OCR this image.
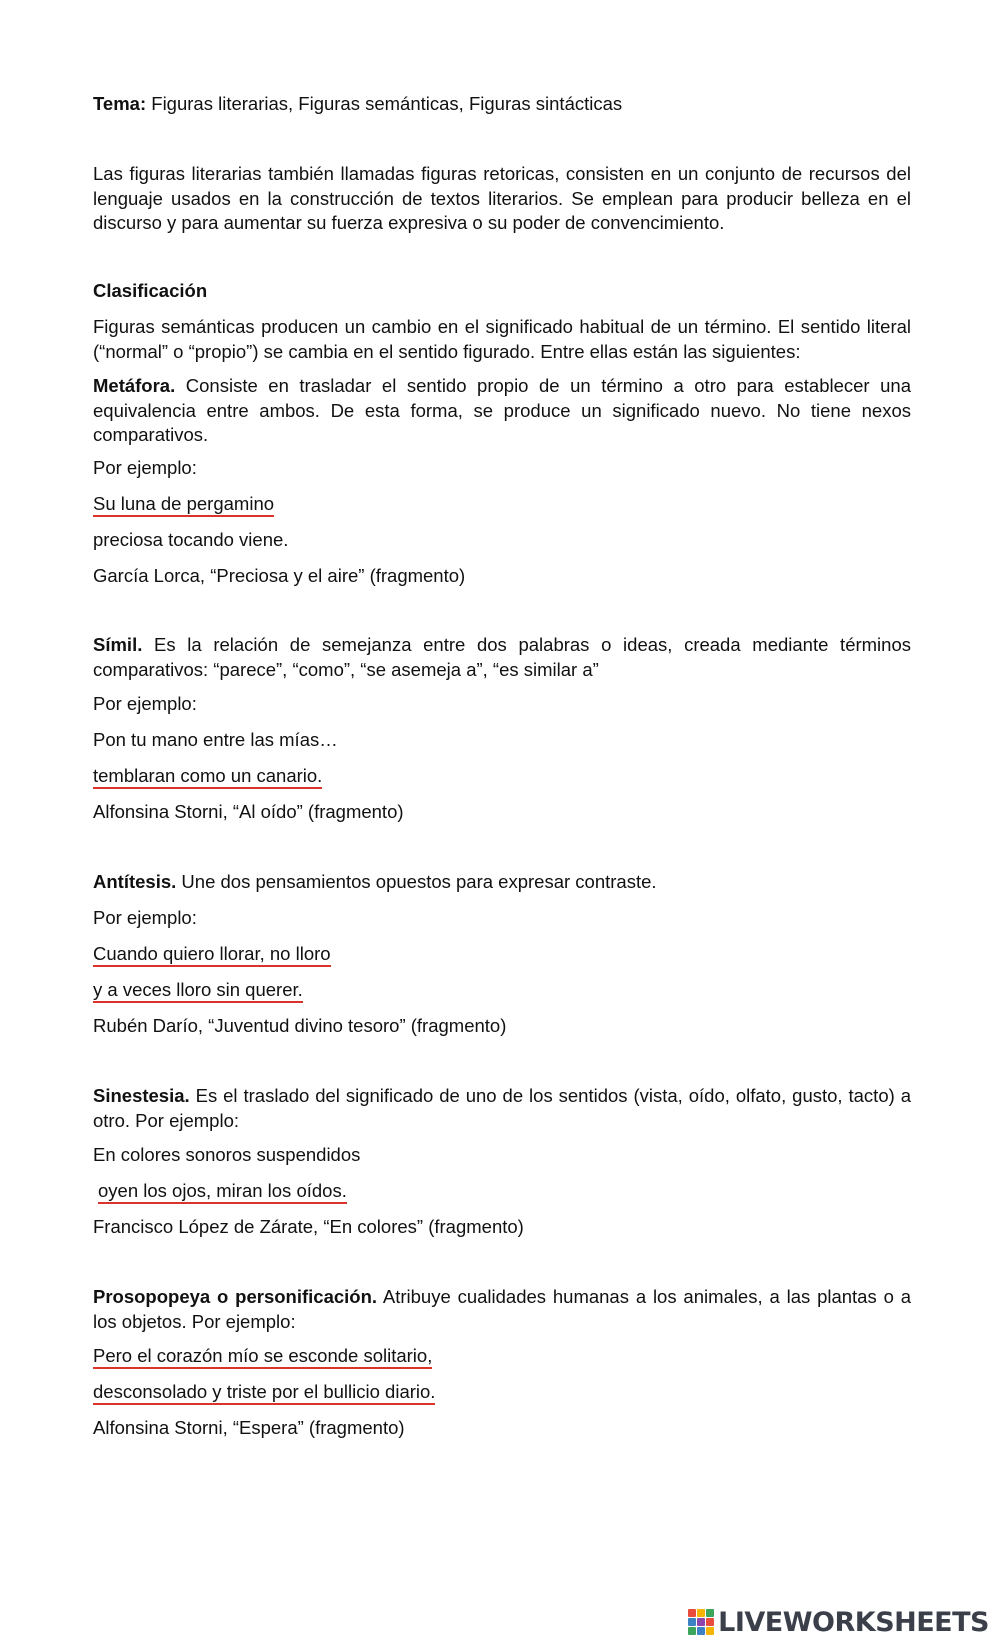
Tema: Figuras literarias, Figuras semánticas, Figuras sintácticas
Las figuras literarias también llamadas figuras retoricas, consisten en un conjunto de recursos del lenguaje usados en la construcción de textos literarios. Se emplean para producir belleza en el discurso y para aumentar su fuerza expresiva o su poder de convencimiento.
Clasificación
Figuras semánticas producen un cambio en el significado habitual de un término. El sentido literal (“normal” o “propio”) se cambia en el sentido figurado. Entre ellas están las siguientes:
Metáfora. Consiste en trasladar el sentido propio de un término a otro para establecer una equivalencia entre ambos. De esta forma, se produce un significado nuevo. No tiene nexos comparativos.
Por ejemplo:
Su luna de pergamino
preciosa tocando viene.
García Lorca, “Preciosa y el aire” (fragmento)
Símil. Es la relación de semejanza entre dos palabras o ideas, creada mediante términos comparativos: “parece”, “como”, “se asemeja a”, “es similar a”
Por ejemplo:
Pon tu mano entre las mías…
temblaran como un canario.
Alfonsina Storni, “Al oído” (fragmento)
Antítesis. Une dos pensamientos opuestos para expresar contraste.
Por ejemplo:
Cuando quiero llorar, no lloro
y a veces lloro sin querer.
Rubén Darío, “Juventud divino tesoro” (fragmento)
Sinestesia. Es el traslado del significado de uno de los sentidos (vista, oído, olfato, gusto, tacto) a otro. Por ejemplo:
En colores sonoros suspendidos
oyen los ojos, miran los oídos.
Francisco López de Zárate, “En colores” (fragmento)
Prosopopeya o personificación. Atribuye cualidades humanas a los animales, a las plantas o a los objetos. Por ejemplo:
Pero el corazón mío se esconde solitario,
desconsolado y triste por el bullicio diario.
Alfonsina Storni, “Espera” (fragmento)
LIVEWORKSHEETS
